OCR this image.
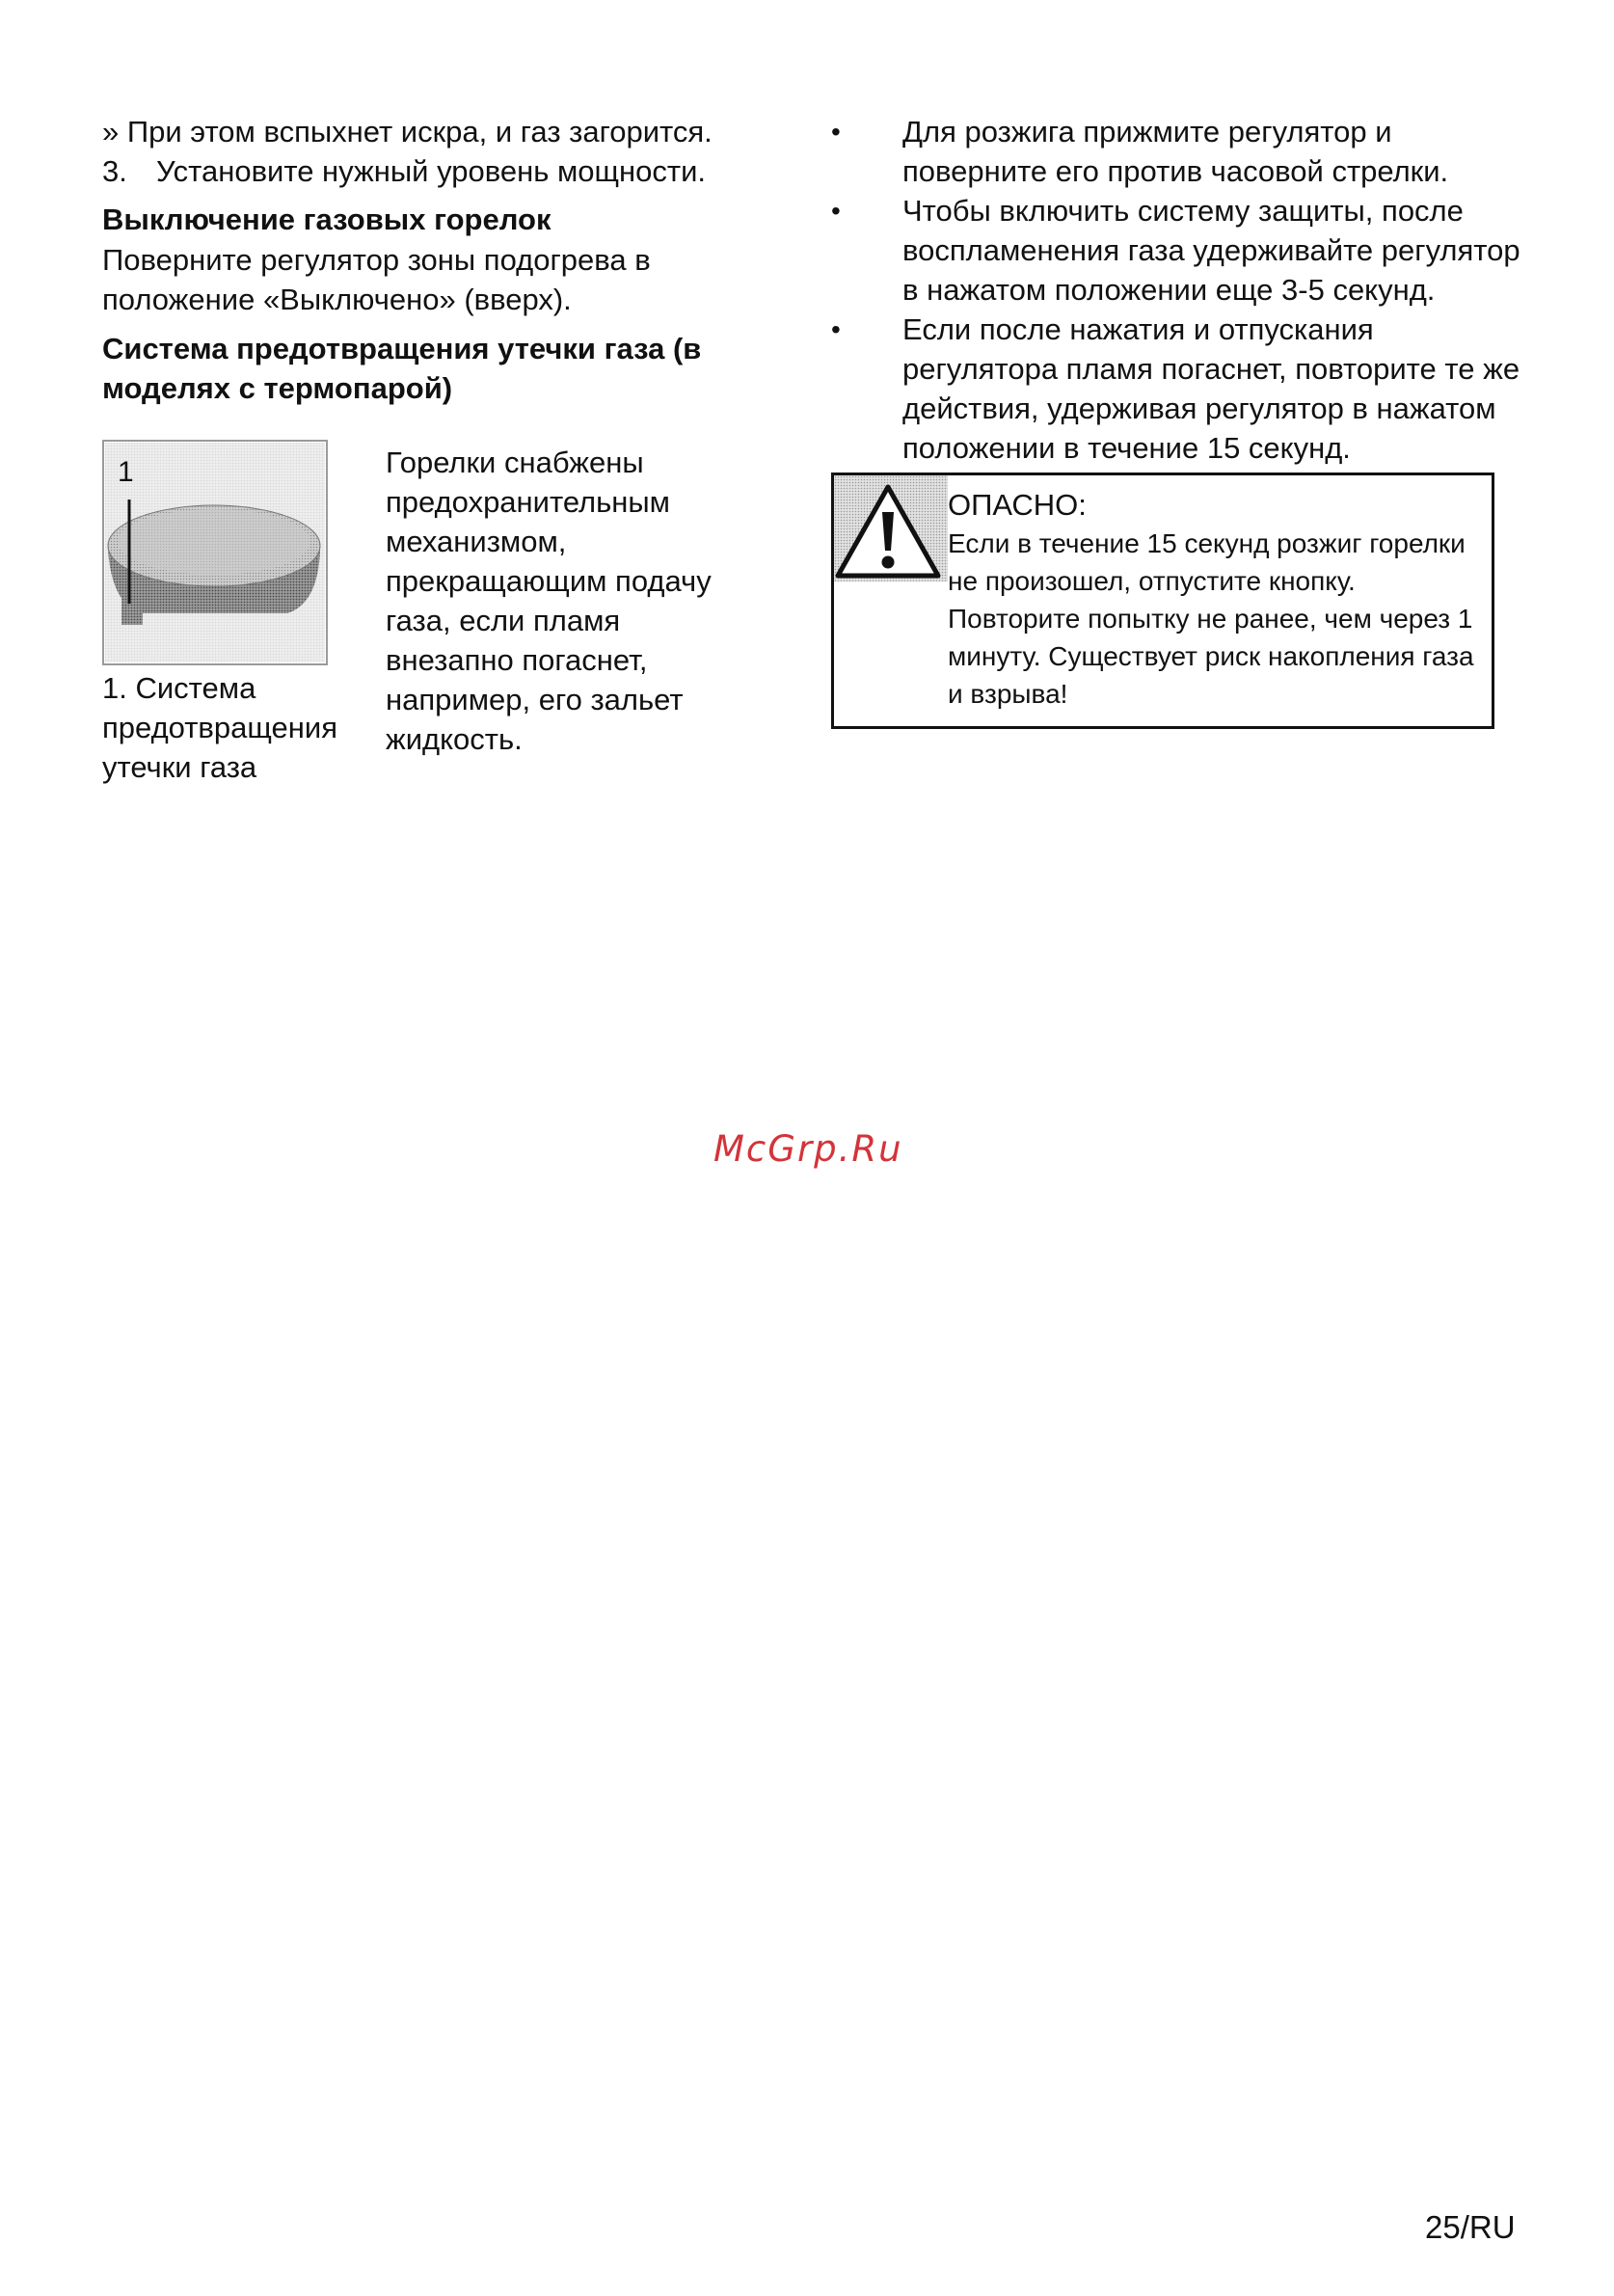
» При этом вспыхнет искра, и газ загорится.
3. Установите нужный уровень мощности.
Выключение газовых горелок
Поверните регулятор зоны подогрева в
положение «Выключено» (вверх).
Система предотвращения утечки газа (в
моделях с термопарой)
1
1. Система
предотвращения
утечки газа
Горелки снабжены
предохранительным
механизмом,
прекращающим подачу
газа, если пламя
внезапно погаснет,
например, его зальет
жидкость.
• Для розжига прижмите регулятор и
поверните его против часовой стрелки.
• Чтобы включить систему защиты, после
воспламенения газа удерживайте регулятор
в нажатом положении еще 3-5 секунд.
• Если после нажатия и отпускания
регулятора пламя погаснет, повторите те же
действия, удерживая регулятор в нажатом
положении в течение 15 секунд.
ОПАСНО:
Если в течение 15 секунд розжиг горелки
не произошел, отпустите кнопку.
Повторите попытку не ранее, чем через 1
минуту. Существует риск накопления газа
и взрыва!
McGrp.Ru
25/RU
